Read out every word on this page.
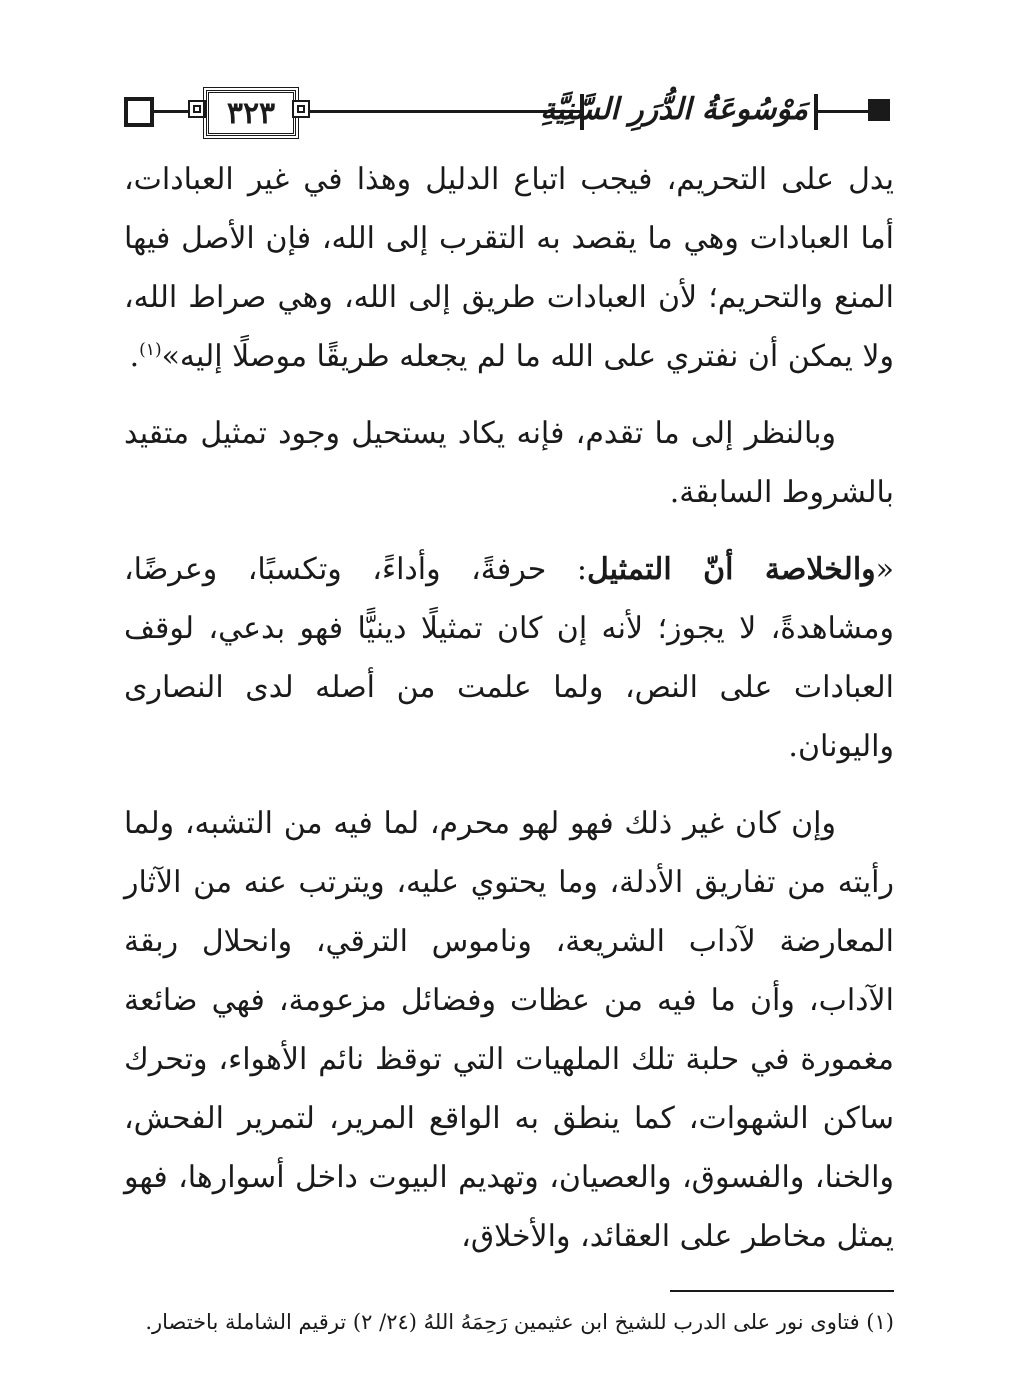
٣٢٣	مَوْسُوعَةُ الدُّرَرِ السَّنِيَّةِ

يدل على التحريم، فيجب اتباع الدليل وهذا في غير العبادات، أما العبادات وهي ما يقصد به التقرب إلى الله، فإن الأصل فيها المنع والتحريم؛ لأن العبادات طريق إلى الله، وهي صراط الله، ولا يمكن أن نفتري على الله ما لم يجعله طريقًا موصلًا إليه»$^{(١)}$.

وبالنظر إلى ما تقدم، فإنه يكاد يستحيل وجود تمثيل متقيد بالشروط السابقة.

«والخلاصة أنّ التمثيل: حرفةً، وأداءً، وتكسبًا، وعرضًا، ومشاهدةً، لا يجوز؛ لأنه إن كان تمثيلًا دينيًّا فهو بدعي، لوقف العبادات على النص، ولما علمت من أصله لدى النصارى واليونان.

وإن كان غير ذلك فهو لهو محرم، لما فيه من التشبه، ولما رأيته من تفاريق الأدلة، وما يحتوي عليه، ويترتب عنه من الآثار المعارضة لآداب الشريعة، وناموس الترقي، وانحلال ربقة الآداب، وأن ما فيه من عظات وفضائل مزعومة، فهي ضائعة مغمورة في حلبة تلك الملهيات التي توقظ نائم الأهواء، وتحرك ساكن الشهوات، كما ينطق به الواقع المرير، لتمرير الفحش، والخنا، والفسوق، والعصيان، وتهديم البيوت داخل أسوارها، فهو يمثل مخاطر على العقائد، والأخلاق،

(١) فتاوى نور على الدرب للشيخ ابن عثيمين رَحِمَهُ اللهُ (٢٤/ ٢) ترقيم الشاملة باختصار.
